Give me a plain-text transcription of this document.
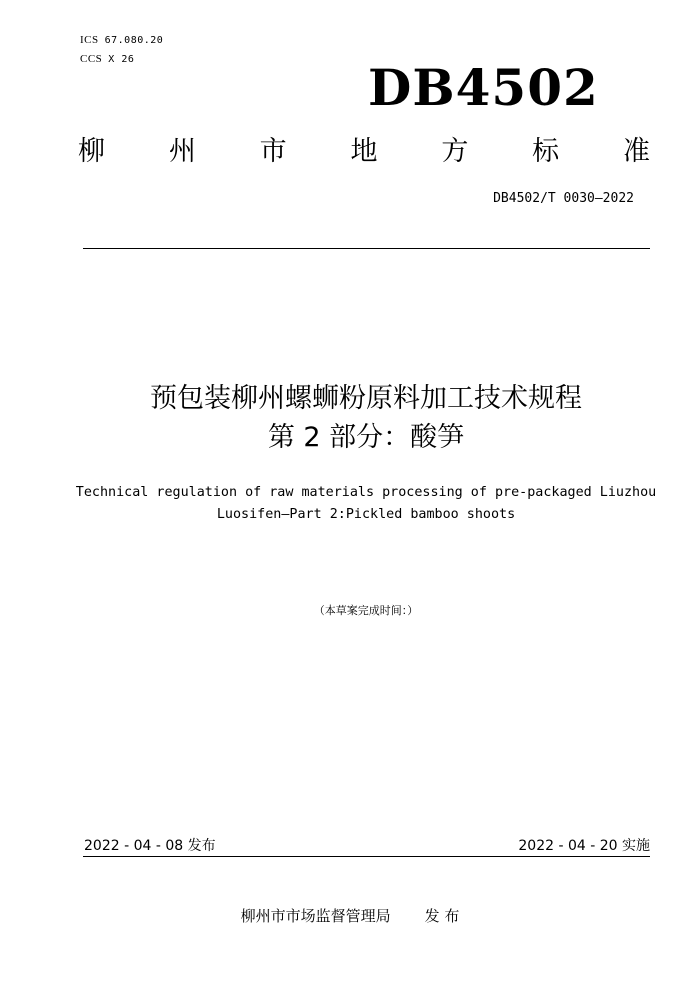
ICS 67.080.20
CCS X 26	DB4502
柳 州 市 地 方 标 准
DB4502/T 0030—2022
预包装柳州螺蛳粉原料加工技术规程
第 2 部分：酸笋
Technical regulation of raw materials processing of pre-packaged Liuzhou
Luosifen—Part 2:Pickled bamboo shoots
（本草案完成时间：）
2022 - 04 - 08 发布	2022 - 04 - 20 实施
柳州市市场监督管理局 发 布
